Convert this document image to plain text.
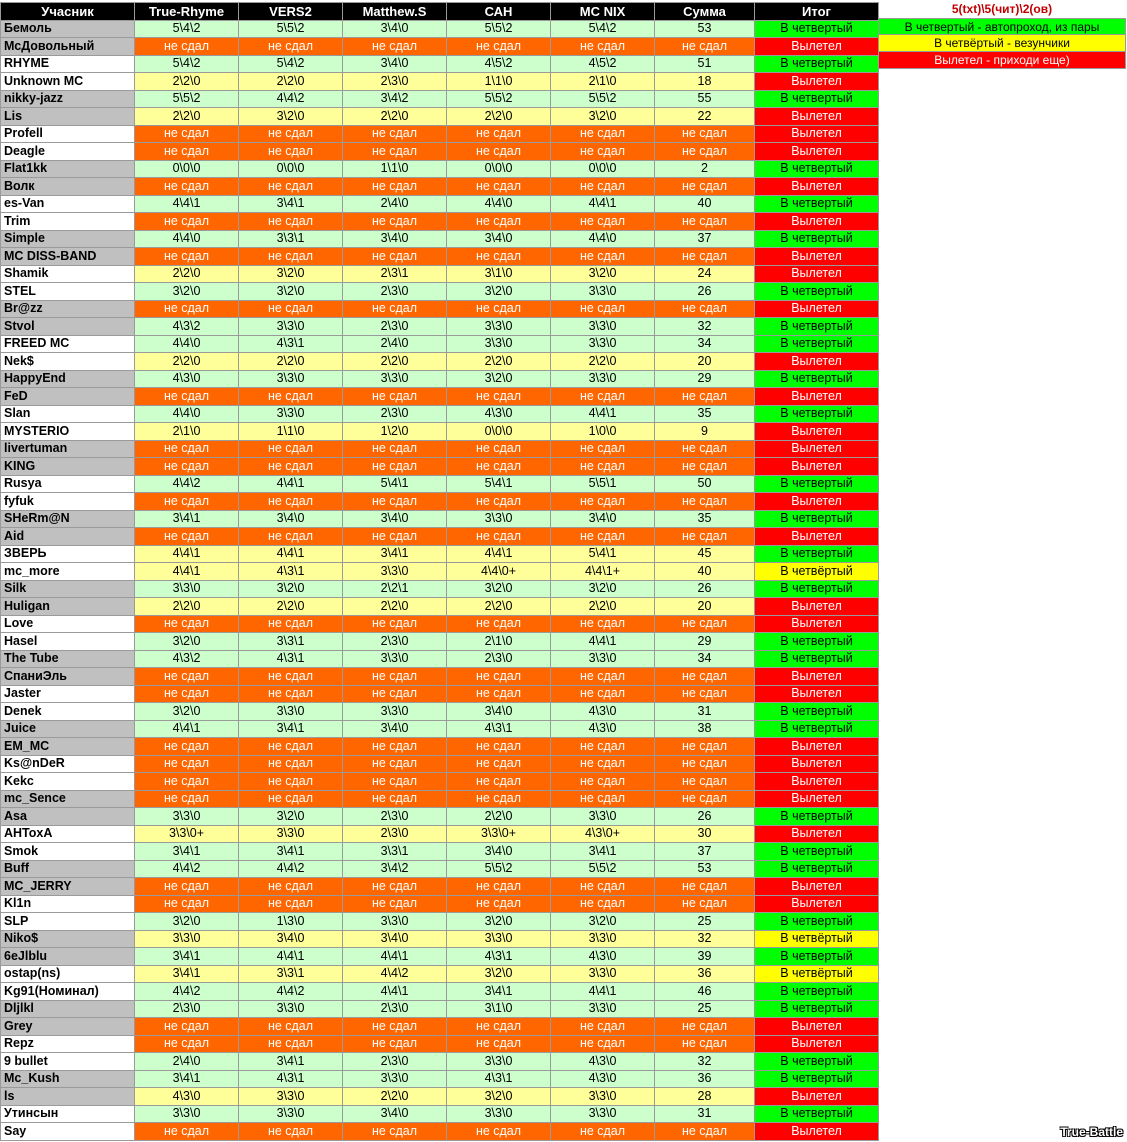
Учасник	True-Rhyme	VERS2	Matthew.S	САН	MC NIX	Сумма	Итог
Бемоль	5\4\2	5\5\2	3\4\0	5\5\2	5\4\2	53	В четвертый
МсДовольный	не сдал	не сдал	не сдал	не сдал	не сдал	не сдал	Вылетел
RHYME	5\4\2	5\4\2	3\4\0	4\5\2	4\5\2	51	В четвертый
Unknown MC	2\2\0	2\2\0	2\3\0	1\1\0	2\1\0	18	Вылетел
nikky-jazz	5\5\2	4\4\2	3\4\2	5\5\2	5\5\2	55	В четвертый
Lis	2\2\0	3\2\0	2\2\0	2\2\0	3\2\0	22	Вылетел
Profell	не сдал	не сдал	не сдал	не сдал	не сдал	не сдал	Вылетел
Deagle	не сдал	не сдал	не сдал	не сдал	не сдал	не сдал	Вылетел
Flat1kk	0\0\0	0\0\0	1\1\0	0\0\0	0\0\0	2	В четвертый
Волк	не сдал	не сдал	не сдал	не сдал	не сдал	не сдал	Вылетел
es-Van	4\4\1	3\4\1	2\4\0	4\4\0	4\4\1	40	В четвертый
Trim	не сдал	не сдал	не сдал	не сдал	не сдал	не сдал	Вылетел
Simple	4\4\0	3\3\1	3\4\0	3\4\0	4\4\0	37	В четвертый
MC DISS-BAND	не сдал	не сдал	не сдал	не сдал	не сдал	не сдал	Вылетел
Shamik	2\2\0	3\2\0	2\3\1	3\1\0	3\2\0	24	Вылетел
STEL	3\2\0	3\2\0	2\3\0	3\2\0	3\3\0	26	В четвертый
Br@zz	не сдал	не сдал	не сдал	не сдал	не сдал	не сдал	Вылетел
Stvol	4\3\2	3\3\0	2\3\0	3\3\0	3\3\0	32	В четвертый
FREED MC	4\4\0	4\3\1	2\4\0	3\3\0	3\3\0	34	В четвертый
Nek$	2\2\0	2\2\0	2\2\0	2\2\0	2\2\0	20	Вылетел
HappyEnd	4\3\0	3\3\0	3\3\0	3\2\0	3\3\0	29	В четвертый
FeD	не сдал	не сдал	не сдал	не сдал	не сдал	не сдал	Вылетел
Slan	4\4\0	3\3\0	2\3\0	4\3\0	4\4\1	35	В четвертый
MYSTERIO	2\1\0	1\1\0	1\2\0	0\0\0	1\0\0	9	Вылетел
livertuman	не сдал	не сдал	не сдал	не сдал	не сдал	не сдал	Вылетел
KING	не сдал	не сдал	не сдал	не сдал	не сдал	не сдал	Вылетел
Rusya	4\4\2	4\4\1	5\4\1	5\4\1	5\5\1	50	В четвертый
fyfuk	не сдал	не сдал	не сдал	не сдал	не сдал	не сдал	Вылетел
SHeRm@N	3\4\1	3\4\0	3\4\0	3\3\0	3\4\0	35	В четвертый
Aid	не сдал	не сдал	не сдал	не сдал	не сдал	не сдал	Вылетел
ЗВЕРЬ	4\4\1	4\4\1	3\4\1	4\4\1	5\4\1	45	В четвертый
mc_more	4\4\1	4\3\1	3\3\0	4\4\0+	4\4\1+	40	В четвёртый
Silk	3\3\0	3\2\0	2\2\1	3\2\0	3\2\0	26	В четвертый
Huligan	2\2\0	2\2\0	2\2\0	2\2\0	2\2\0	20	Вылетел
Love	не сдал	не сдал	не сдал	не сдал	не сдал	не сдал	Вылетел
Hasel	3\2\0	3\3\1	2\3\0	2\1\0	4\4\1	29	В четвертый
The Tube	4\3\2	4\3\1	3\3\0	2\3\0	3\3\0	34	В четвертый
СпаниЭль	не сдал	не сдал	не сдал	не сдал	не сдал	не сдал	Вылетел
Jaster	не сдал	не сдал	не сдал	не сдал	не сдал	не сдал	Вылетел
Denek	3\2\0	3\3\0	3\3\0	3\4\0	4\3\0	31	В четвертый
Juice	4\4\1	3\4\1	3\4\0	4\3\1	4\3\0	38	В четвертый
EM_MC	не сдал	не сдал	не сдал	не сдал	не сдал	не сдал	Вылетел
Ks@nDeR	не сдал	не сдал	не сдал	не сдал	не сдал	не сдал	Вылетел
Kekc	не сдал	не сдал	не сдал	не сдал	не сдал	не сдал	Вылетел
mc_Sence	не сдал	не сдал	не сдал	не сдал	не сдал	не сдал	Вылетел
Asa	3\3\0	3\2\0	2\3\0	2\2\0	3\3\0	26	В четвертый
AHToxA	3\3\0+	3\3\0	2\3\0	3\3\0+	4\3\0+	30	Вылетел
Smok	3\4\1	3\4\1	3\3\1	3\4\0	3\4\1	37	В четвертый
Buff	4\4\2	4\4\2	3\4\2	5\5\2	5\5\2	53	В четвертый
MC_JERRY	не сдал	не сдал	не сдал	не сдал	не сдал	не сдал	Вылетел
Kl1n	не сдал	не сдал	не сдал	не сдал	не сдал	не сдал	Вылетел
SLP	3\2\0	1\3\0	3\3\0	3\2\0	3\2\0	25	В четвертый
Niko$	3\3\0	3\4\0	3\4\0	3\3\0	3\3\0	32	В четвёртый
6eJlblu	3\4\1	4\4\1	4\4\1	4\3\1	4\3\0	39	В четвертый
ostap(ns)	3\4\1	3\3\1	4\4\2	3\2\0	3\3\0	36	В четвёртый
Kg91(Номинал)	4\4\2	4\4\2	4\4\1	3\4\1	4\4\1	46	В четвертый
Dljlkl	2\3\0	3\3\0	2\3\0	3\1\0	3\3\0	25	В четвертый
Grey	не сдал	не сдал	не сдал	не сдал	не сдал	не сдал	Вылетел
Repz	не сдал	не сдал	не сдал	не сдал	не сдал	не сдал	Вылетел
9 bullet	2\4\0	3\4\1	2\3\0	3\3\0	4\3\0	32	В четвертый
Mc_Kush	3\4\1	4\3\1	3\3\0	4\3\1	4\3\0	36	В четвертый
ls	4\3\0	3\3\0	2\2\0	3\2\0	3\3\0	28	Вылетел
Утинсын	3\3\0	3\3\0	3\4\0	3\3\0	3\3\0	31	В четвертый
Say	не сдал	не сдал	не сдал	не сдал	не сдал	не сдал	Вылетел
5(txt)\5(чит)\2(ов)
В четвертый - автопроход, из пары
В четвёртый - везунчики
Вылетел - приходи еще)
True-Battle
